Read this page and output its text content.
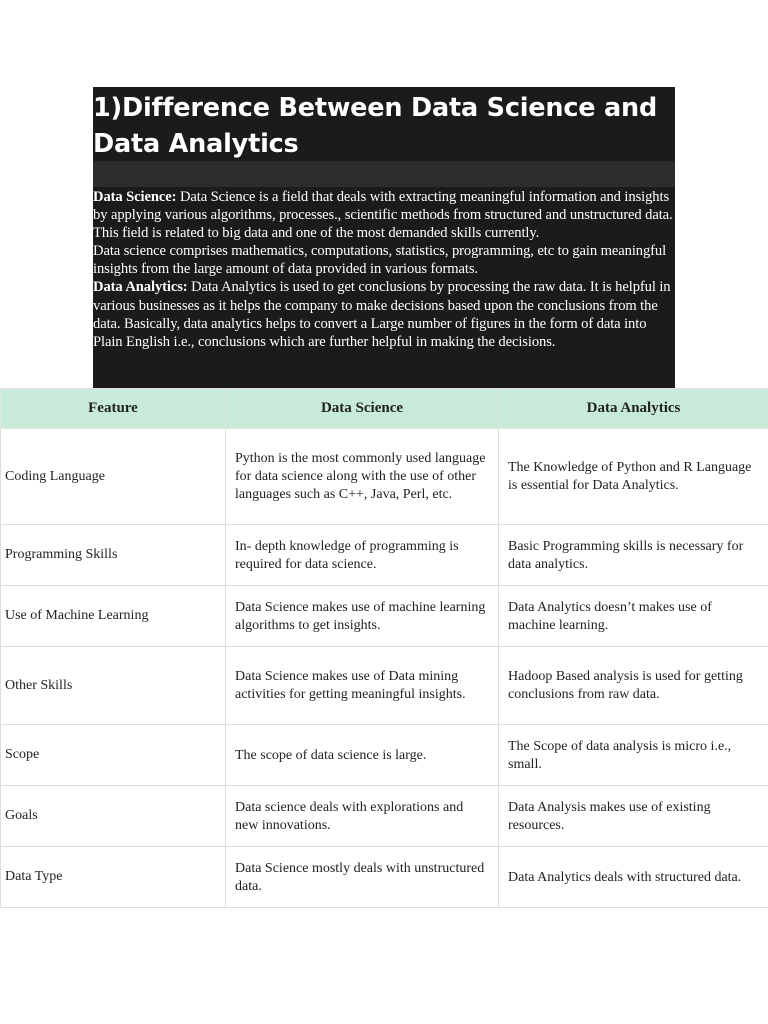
1)Difference Between Data Science and Data Analytics

Data Science: Data Science is a field that deals with extracting meaningful information and insights by applying various algorithms, processes., scientific methods from structured and unstructured data. This field is related to big data and one of the most demanded skills currently.

Data science comprises mathematics, computations, statistics, programming, etc to gain meaningful insights from the large amount of data provided in various formats.

Data Analytics: Data Analytics is used to get conclusions by processing the raw data. It is helpful in various businesses as it helps the company to make decisions based upon the conclusions from the data. Basically, data analytics helps to convert a Large number of figures in the form of data into Plain English i.e., conclusions which are further helpful in making the decisions.

Feature	Data Science	Data Analytics
Coding Language	Python is the most commonly used language for data science along with the use of other languages such as C++, Java, Perl, etc.	The Knowledge of Python and R Language is essential for Data Analytics.

Programming Skills	In- depth knowledge of programming is required for data science.	Basic Programming skills is necessary for data analytics.

Use of Machine Learning	Data Science makes use of machine learning algorithms to get insights.	Data Analytics doesn’t makes use of machine learning.

Other Skills	Data Science makes use of Data mining activities for getting meaningful insights.	Hadoop Based analysis is used for getting conclusions from raw data.

Scope	The scope of data science is large.	The Scope of data analysis is micro i.e., small.

Goals	Data science deals with explorations and new innovations.	Data Analysis makes use of existing resources.

Data Type	Data Science mostly deals with unstructured data.	Data Analytics deals with structured data.
